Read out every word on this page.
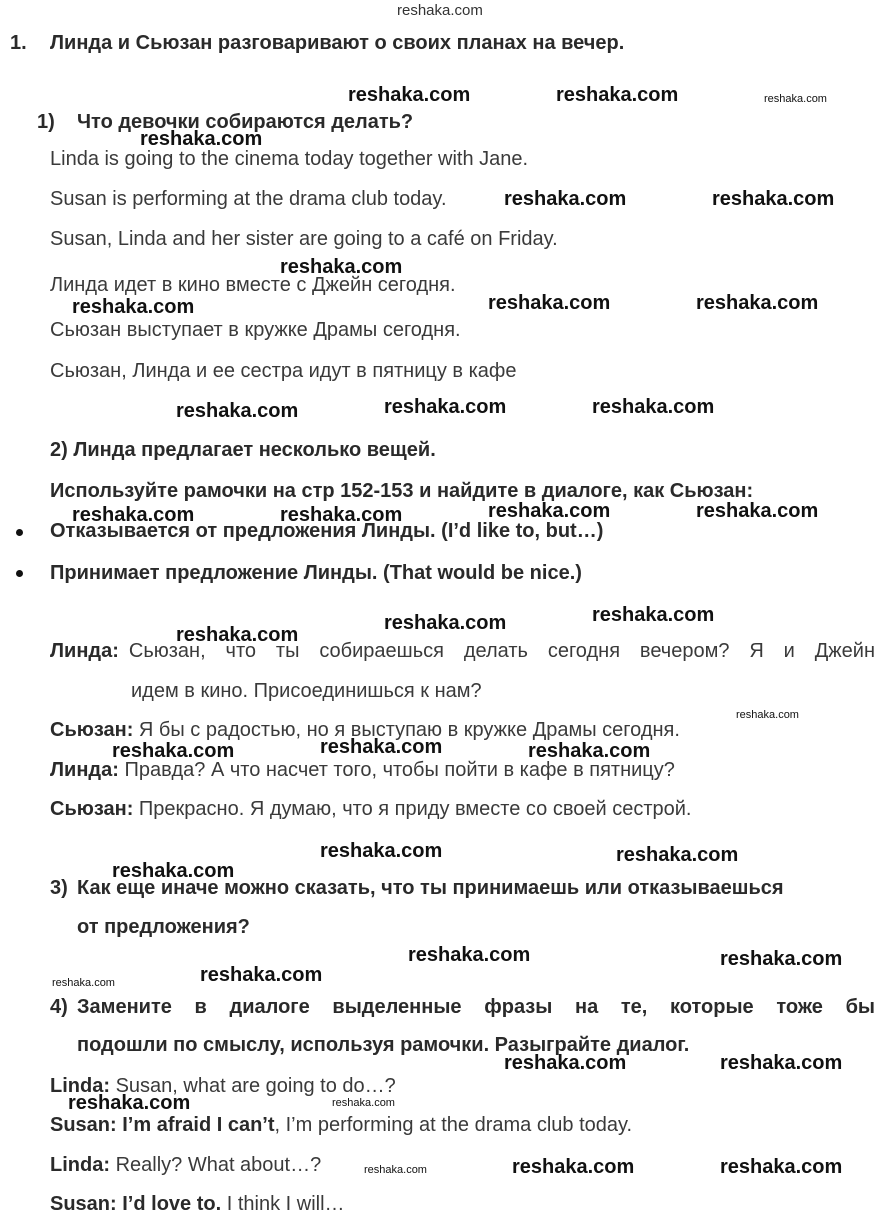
reshaka.com
1. Линда и Сьюзан разговаривают о своих планах на вечер.
1) Что девочки собираются делать?
Linda is going to the cinema today together with Jane.
Susan is performing at the drama club today.
Susan, Linda and her sister are going to a café on Friday.
Линда идет в кино вместе с Джейн сегодня.
Сьюзан выступает в кружке Драмы сегодня.
Сьюзан, Линда и ее сестра идут в пятницу в кафе
2) Линда предлагает несколько вещей.
Используйте рамочки на стр 152-153 и найдите в диалоге, как Сьюзан:
Отказывается от предложения Линды. (I’d like to, but…)
Принимает предложение Линды. (That would be nice.)
Линда: Сьюзан, что ты собираешься делать сегодня вечером? Я и Джейн
идем в кино. Присоединишься к нам?
Сьюзан: Я бы с радостью, но я выступаю в кружке Драмы сегодня.
Линда: Правда? А что насчет того, чтобы пойти в кафе в пятницу?
Сьюзан: Прекрасно. Я думаю, что я приду вместе со своей сестрой.
3) Как еще иначе можно сказать, что ты принимаешь или отказываешься
от предложения?
4) Замените в диалоге выделенные фразы на те, которые тоже бы
подошли по смыслу, используя рамочки. Разыграйте диалог.
Linda: Susan, what are going to do…?
Susan: I’m afraid I can’t, I’m performing at the drama club today.
Linda: Really? What about…?
Susan: I’d love to. I think I will…
reshaka.com	reshaka.com	reshaka.com
reshaka.com
reshaka.com	reshaka.com
reshaka.com
reshaka.com	reshaka.com	reshaka.com
reshaka.com	reshaka.com	reshaka.com
reshaka.com	reshaka.com	reshaka.com	reshaka.com
reshaka.com
reshaka.com
reshaka.com
reshaka.com
reshaka.com
reshaka.com	reshaka.com
reshaka.com	reshaka.com
reshaka.com
reshaka.com	reshaka.com
reshaka.com
reshaka.com
reshaka.com	reshaka.com
reshaka.com	reshaka.com
reshaka.com	reshaka.com	reshaka.com
